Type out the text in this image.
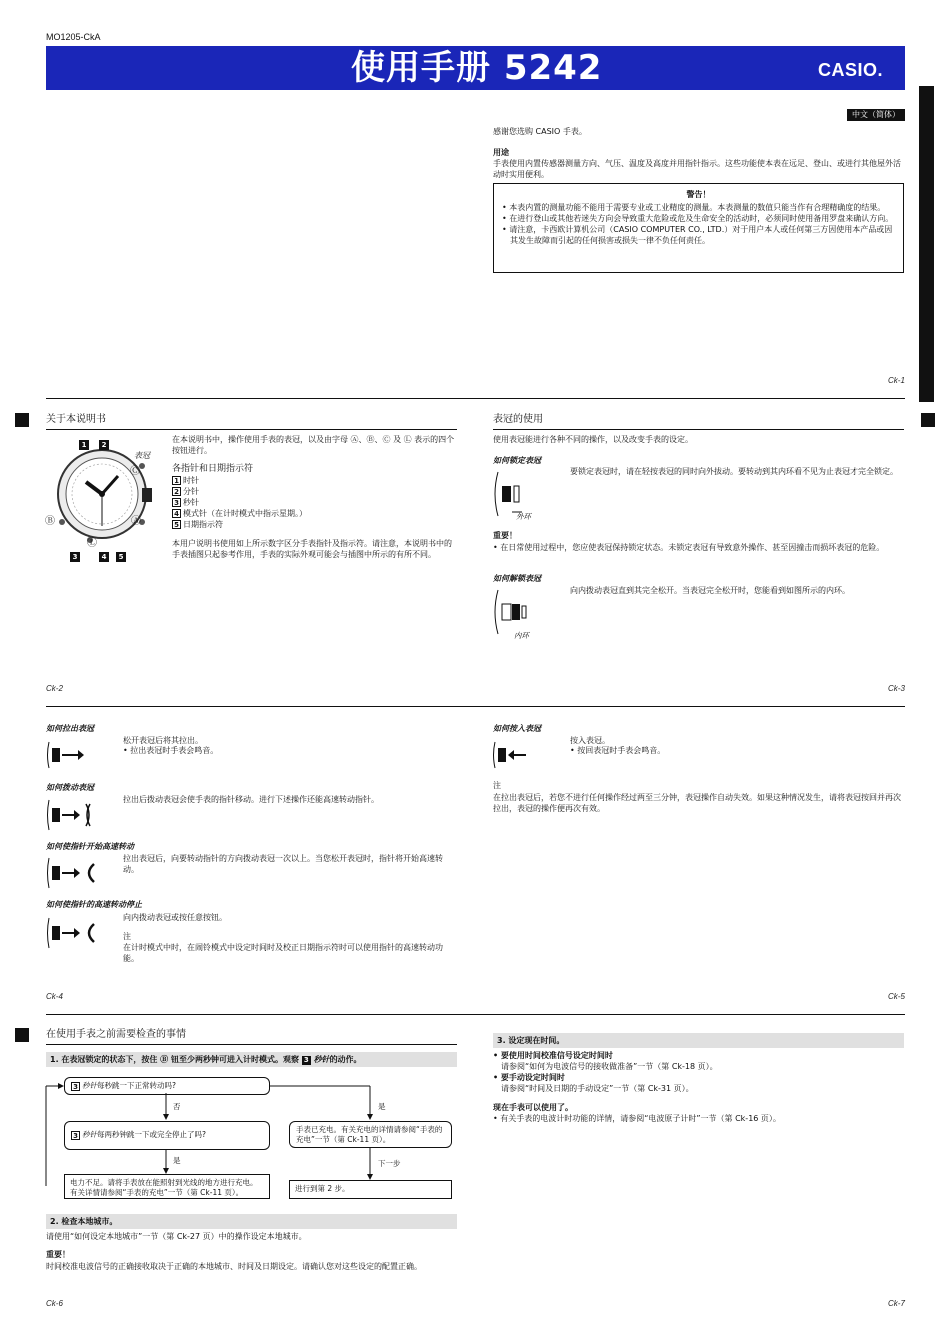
MO1205-CkA
使用手册 5242	CASIO.
中文（简体）
感谢您选购 CASIO 手表。
用途
手表使用内置传感器测量方向、气压、温度及高度并用指针指示。这些功能使本表在远足、登山、或进行其他屋外活动时实用便利。
警告！
• 本表内置的测量功能不能用于需要专业或工业精度的测量。本表测量的数值只能当作有合理精确度的结果。
• 在进行登山或其他若迷失方向会导致重大危险或危及生命安全的活动时，必须同时使用备用罗盘来确认方向。
• 请注意，卡西欧计算机公司（CASIO COMPUTER CO., LTD.）对于用户本人或任何第三方因使用本产品或因其发生故障而引起的任何损害或损失一律不负任何责任。
Ck-1
关于本说明书
1	2
表冠
Ⓒ
Ⓐ
Ⓑ
Ⓛ
3	4	5
在本说明书中，操作使用手表的表冠，以及由字母 Ⓐ、Ⓑ、Ⓒ 及 Ⓛ 表示的四个按钮进行。
各指针和日期指示符
1 时针
2 分针
3 秒针
4 模式针（在计时模式中指示星期。）
5 日期指示符
本用户说明书使用如上所示数字区分手表指针及指示符。请注意，本说明书中的手表插图只起参考作用，手表的实际外观可能会与插图中所示的有所不同。
Ck-2
表冠的使用
使用表冠能进行各种不同的操作，以及改变手表的设定。
如何锁定表冠
外环
要锁定表冠时，请在轻按表冠的同时向外拔动。要转动到其内环看不见为止表冠才完全锁定。
重要！
• 在日常使用过程中，您应使表冠保持锁定状态。未锁定表冠有导致意外操作、甚至因撞击而损坏表冠的危险。
如何解锁表冠
内环
向内拨动表冠直到其完全松开。当表冠完全松开时，您能看到如图所示的内环。
Ck-3
如何拉出表冠
松开表冠后将其拉出。
• 拉出表冠时手表会鸣音。
如何拨动表冠
拉出后拨动表冠会使手表的指针移动。进行下述操作还能高速转动指针。
如何使指针开始高速转动
拉出表冠后，向要转动指针的方向拨动表冠一次以上。当您松开表冠时，指针将开始高速转动。
如何使指针的高速转动停止
向内拨动表冠或按任意按钮。
注
在计时模式中时，在闹铃模式中设定时间时及校正日期指示符时可以使用指针的高速转动功能。
Ck-4
如何按入表冠
按入表冠。
• 按回表冠时手表会鸣音。
注
在拉出表冠后，若您不进行任何操作经过两至三分钟，表冠操作自动失效。如果这种情况发生，请将表冠按回并再次拉出，表冠的操作便再次有效。
Ck-5
在使用手表之前需要检查的事情
1. 在表冠锁定的状态下，按住 Ⓑ 钮至少两秒钟可进入计时模式。观察 3 秒针的动作。
3 秒针每秒跳一下正常转动吗?
否	是
3 秒针每两秒钟跳一下或完全停止了吗?
手表已充电。有关充电的详情请参阅“手表的充电”一节（第 Ck-11 页）。
是	下一步
电力不足。请将手表放在能照射到光线的地方进行充电。有关详情请参阅“手表的充电”一节（第 Ck-11 页）。	进行到第 2 步。
2. 检查本地城市。
请使用“如何设定本地城市”一节（第 Ck-27 页）中的操作设定本地城市。
重要！
时间校准电波信号的正确接收取决于正确的本地城市、时间及日期设定。请确认您对这些设定的配置正确。
Ck-6
3. 设定现在时间。
• 要使用时间校准信号设定时间时
请参阅“如何为电波信号的接收做准备”一节（第 Ck-18 页）。
• 要手动设定时间时
请参阅“时间及日期的手动设定”一节（第 Ck-31 页）。
现在手表可以使用了。
• 有关手表的电波计时功能的详情，请参阅“电波原子计时”一节（第 Ck-16 页）。
Ck-7
